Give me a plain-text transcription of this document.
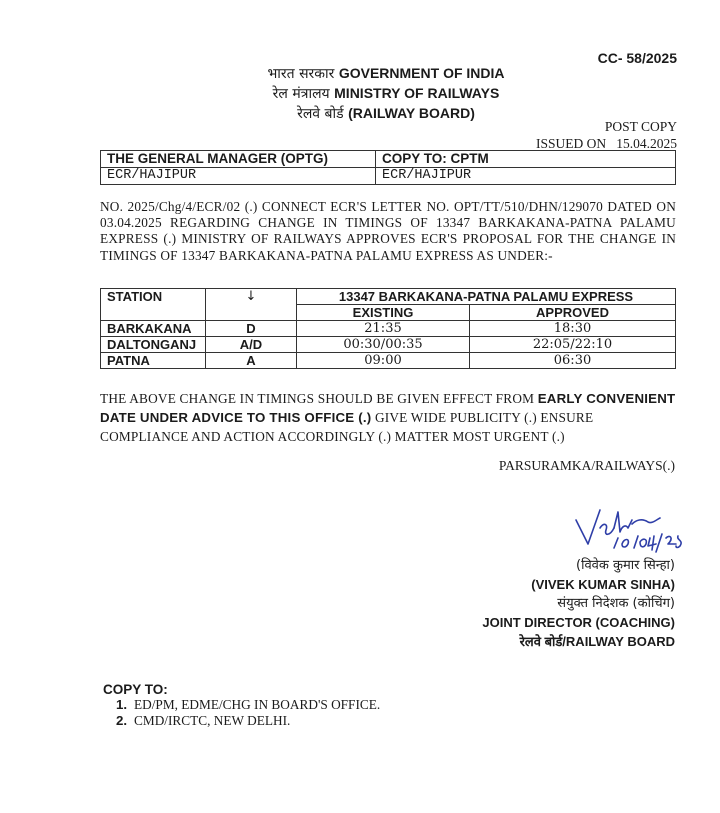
CC- 58/2025
भारत सरकार GOVERNMENT OF INDIA
रेल मंत्रालय MINISTRY OF RAILWAYS
रेलवे बोर्ड (RAILWAY BOARD)
POST COPY
ISSUED ON 15.04.2025
THE GENERAL MANAGER (OPTG)	COPY TO: CPTM
ECR/HAJIPUR	ECR/HAJIPUR
NO. 2025/Chg/4/ECR/02 (.) CONNECT ECR'S LETTER NO. OPT/TT/510/DHN/129070 DATED ON 03.04.2025 REGARDING CHANGE IN TIMINGS OF 13347 BARKAKANA-PATNA PALAMU EXPRESS (.) MINISTRY OF RAILWAYS APPROVES ECR'S PROPOSAL FOR THE CHANGE IN TIMINGS OF 13347 BARKAKANA-PATNA PALAMU EXPRESS AS UNDER:-
STATION	↓	13347 BARKAKANA-PATNA PALAMU EXPRESS	
		EXISTING	APPROVED
BARKAKANA	D	21:35	18:30
DALTONGANJ	A/D	00:30/00:35	22:05/22:10
PATNA	A	09:00	06:30
THE ABOVE CHANGE IN TIMINGS SHOULD BE GIVEN EFFECT FROM EARLY CONVENIENT DATE UNDER ADVICE TO THIS OFFICE (.) GIVE WIDE PUBLICITY (.) ENSURE COMPLIANCE AND ACTION ACCORDINGLY (.) MATTER MOST URGENT (.)
PARSURAMKA/RAILWAYS(.)
(विवेक कुमार सिन्हा)
(VIVEK KUMAR SINHA)
संयुक्त निदेशक (कोचिंग)
JOINT DIRECTOR (COACHING)
रेलवे बोर्ड/RAILWAY BOARD
COPY TO:
1. ED/PM, EDME/CHG IN BOARD'S OFFICE.
2. CMD/IRCTC, NEW DELHI.
